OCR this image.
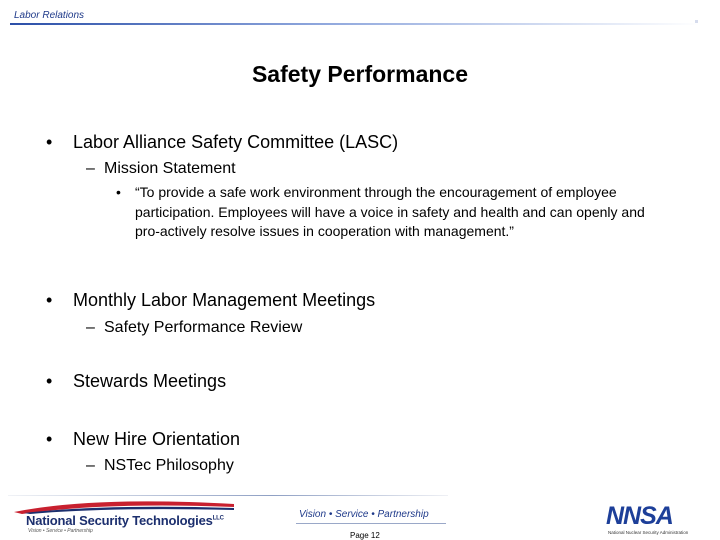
Labor Relations
Safety Performance
• Labor Alliance Safety Committee (LASC)
– Mission Statement
• “To provide a safe work environment through the encouragement of employee participation. Employees will have a voice in safety and health and can openly and pro-actively resolve issues in cooperation with management.”
• Monthly Labor Management Meetings
– Safety Performance Review
• Stewards Meetings
• New Hire Orientation
– NSTec Philosophy
National Security Technologies$^{LLC}$
Vision • Service • Partnership
Vision • Service • Partnership
Page 12
NNSA
National Nuclear Security Administration
